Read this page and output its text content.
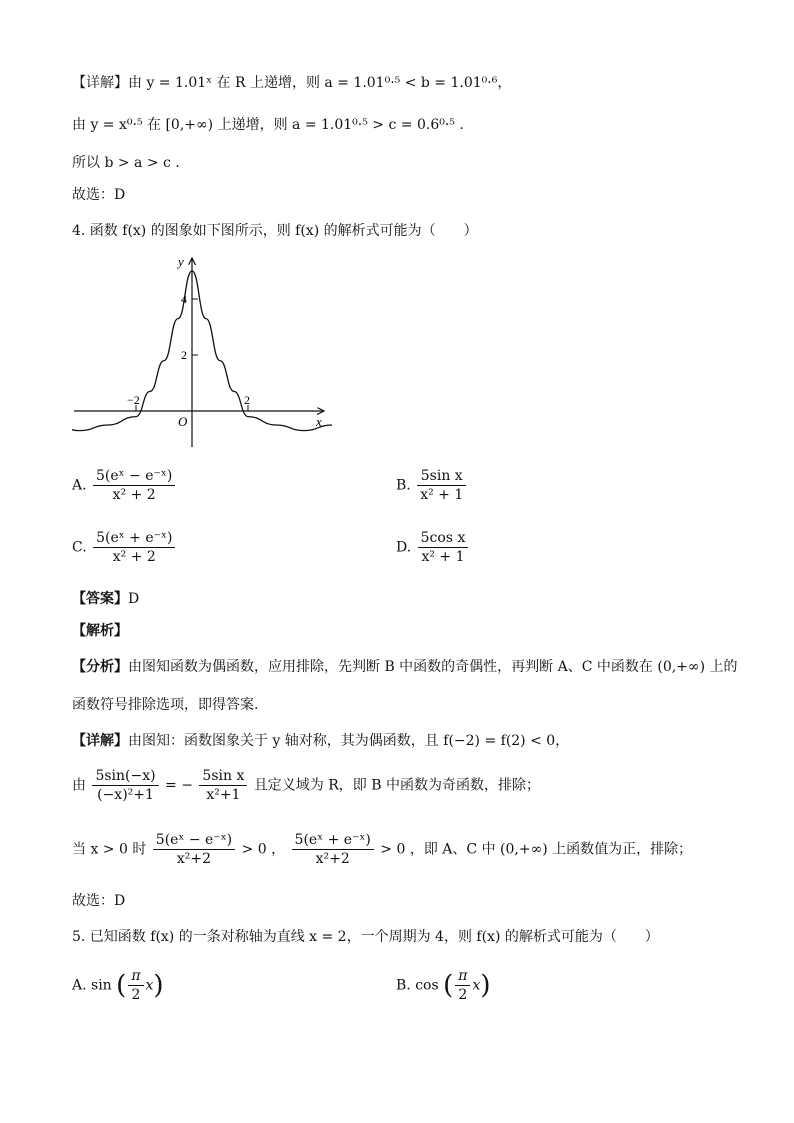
【详解】由 y = 1.01ˣ 在 R 上递增，则 a = 1.01⁰·⁵ < b = 1.01⁰·⁶，
由 y = x⁰·⁵ 在 [0,+∞) 上递增，则 a = 1.01⁰·⁵ > c = 0.6⁰·⁵ .
所以 b > a > c .
故选：D
4. 函数 f(x) 的图象如下图所示，则 f(x) 的解析式可能为（　　）
y
x
O
4
2
−2	2
A. $\frac{\text{5(eˣ − e⁻ˣ)}}{\text{x² + 2}}$	B. $\frac{\text{5sin x}}{\text{x² + 1}}$
C. $\frac{\text{5(eˣ + e⁻ˣ)}}{\text{x² + 2}}$	D. $\frac{\text{5cos x}}{\text{x² + 1}}$
【答案】D
【解析】
【分析】由图知函数为偶函数，应用排除，先判断 B 中函数的奇偶性，再判断 A、C 中函数在 (0,+∞) 上的
函数符号排除选项，即得答案.
【详解】由图知：函数图象关于 y 轴对称，其为偶函数，且 f(−2) = f(2) < 0，
由 $\frac{5\sin(-x)}{\text{(−x)²+1}}$ = − $\frac{\text{5sin x}}{\text{x²+1}}$ 且定义域为 R，即 B 中函数为奇函数，排除；
当 x > 0 时 $\frac{\text{5(eˣ − e⁻ˣ)}}{\text{x²+2}} > 0$ ， $\frac{\text{5(eˣ + e⁻ˣ)}}{\text{x²+2}} > 0$ ，即 A、C 中 (0,+∞) 上函数值为正，排除；
故选：D
5. 已知函数 f(x) 的一条对称轴为直线 x = 2，一个周期为 4，则 f(x) 的解析式可能为（　　）
A. sin ( $\frac{\pi}{2} x$)	B. cos ( $\frac{\pi}{2} x$)
